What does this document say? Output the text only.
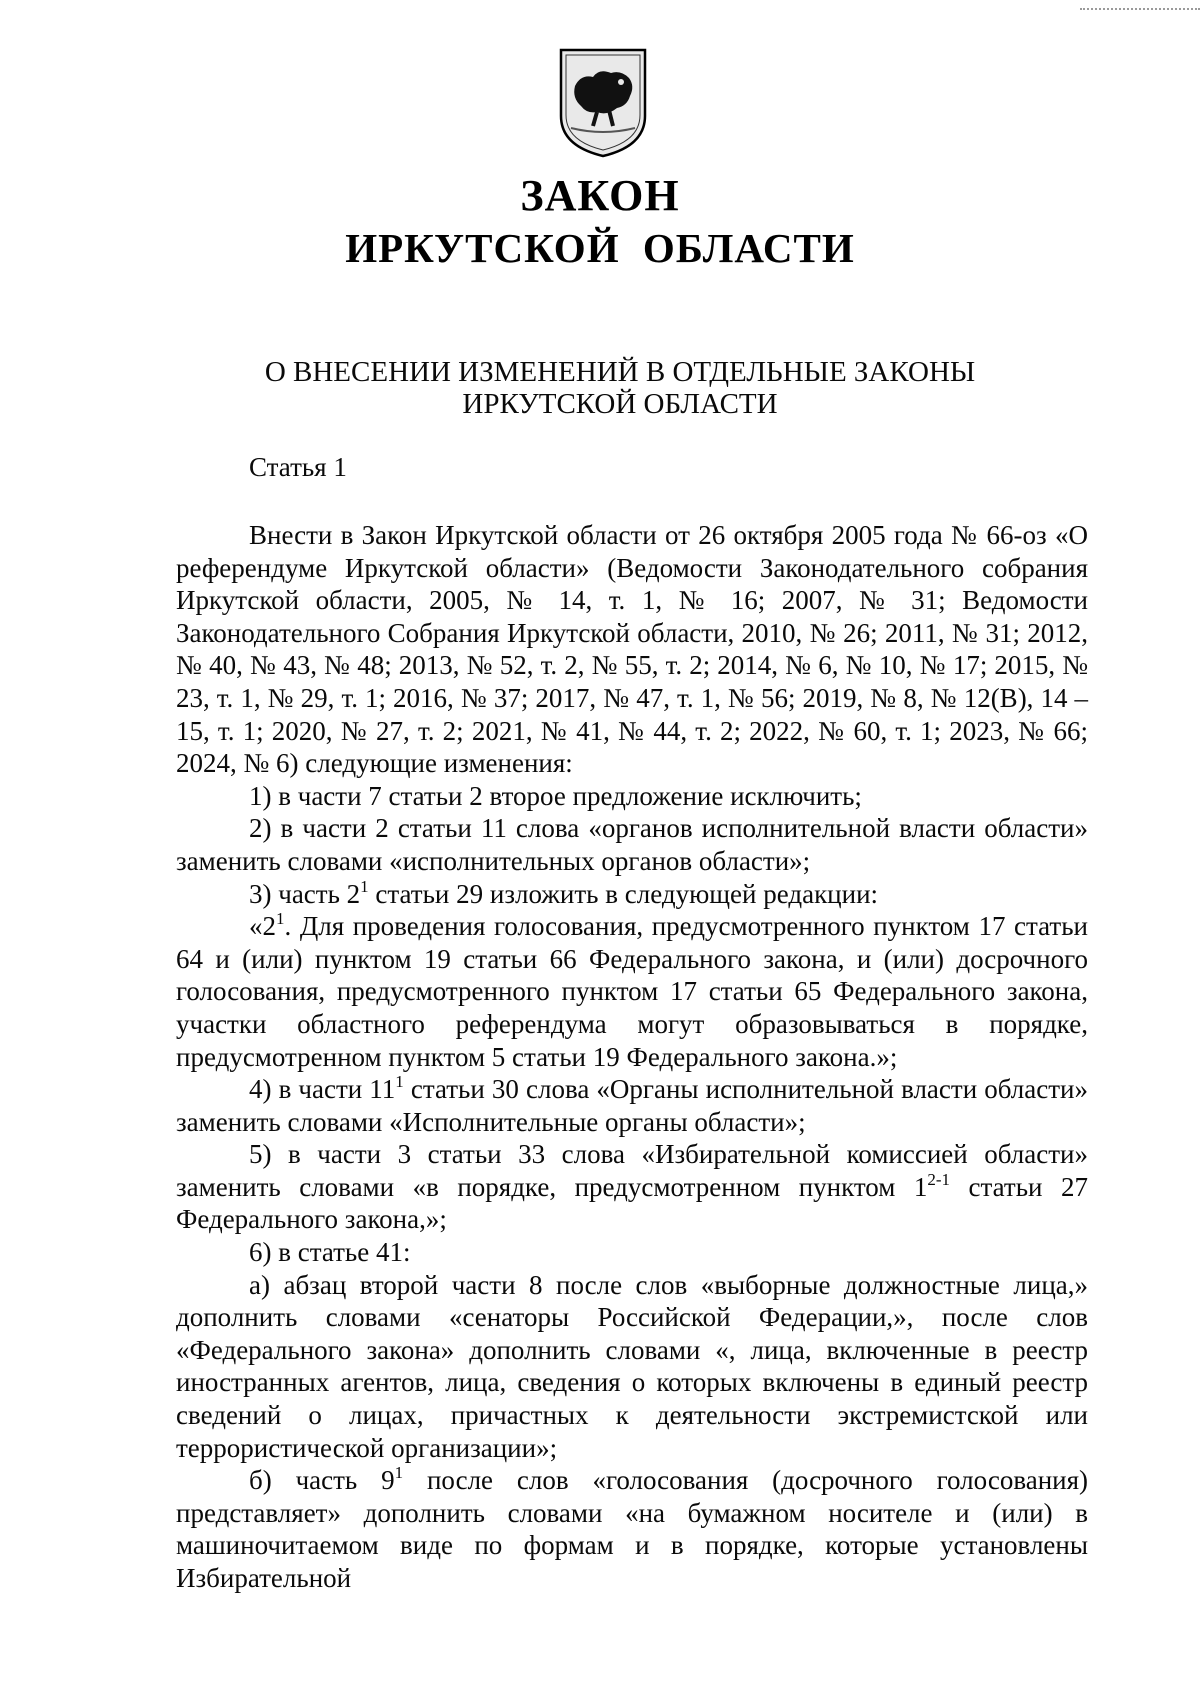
ЗАКОН
ИРКУТСКОЙ ОБЛАСТИ
О ВНЕСЕНИИ ИЗМЕНЕНИЙ В ОТДЕЛЬНЫЕ ЗАКОНЫ
ИРКУТСКОЙ ОБЛАСТИ
Статья 1

Внести в Закон Иркутской области от 26 октября 2005 года № 66-оз «О референдуме Иркутской области» (Ведомости Законодательного собрания Иркутской области, 2005, № 14, т. 1, № 16; 2007, № 31; Ведомости Законодательного Собрания Иркутской области, 2010, № 26; 2011, № 31; 2012, № 40, № 43, № 48; 2013, № 52, т. 2, № 55, т. 2; 2014, № 6, № 10, № 17; 2015, № 23, т. 1, № 29, т. 1; 2016, № 37; 2017, № 47, т. 1, № 56; 2019, № 8, № 12(В), 14 – 15, т. 1; 2020, № 27, т. 2; 2021, № 41, № 44, т. 2; 2022, № 60, т. 1; 2023, № 66; 2024, № 6) следующие изменения:

1) в части 7 статьи 2 второе предложение исключить;

2) в части 2 статьи 11 слова «органов исполнительной власти области» заменить словами «исполнительных органов области»;

3) часть $2^1$ статьи 29 изложить в следующей редакции:

«$2^1$. Для проведения голосования, предусмотренного пунктом 17 статьи 64 и (или) пунктом 19 статьи 66 Федерального закона, и (или) досрочного голосования, предусмотренного пунктом 17 статьи 65 Федерального закона, участки областного референдума могут образовываться в порядке, предусмотренном пунктом 5 статьи 19 Федерального закона.»;

4) в части $11^1$ статьи 30 слова «Органы исполнительной власти области» заменить словами «Исполнительные органы области»;

5) в части 3 статьи 33 слова «Избирательной комиссией области» заменить словами «в порядке, предусмотренном пунктом 1$^{2-1}$ статьи 27 Федерального закона,»;

6) в статье 41:

а) абзац второй части 8 после слов «выборные должностные лица,» дополнить словами «сенаторы Российской Федерации,», после слов «Федерального закона» дополнить словами «, лица, включенные в реестр иностранных агентов, лица, сведения о которых включены в единый реестр сведений о лицах, причастных к деятельности экстремистской или террористической организации»;

б) часть $9^1$ после слов «голосования (досрочного голосования) представляет» дополнить словами «на бумажном носителе и (или) в машиночитаемом виде по формам и в порядке, которые установлены Избирательной
